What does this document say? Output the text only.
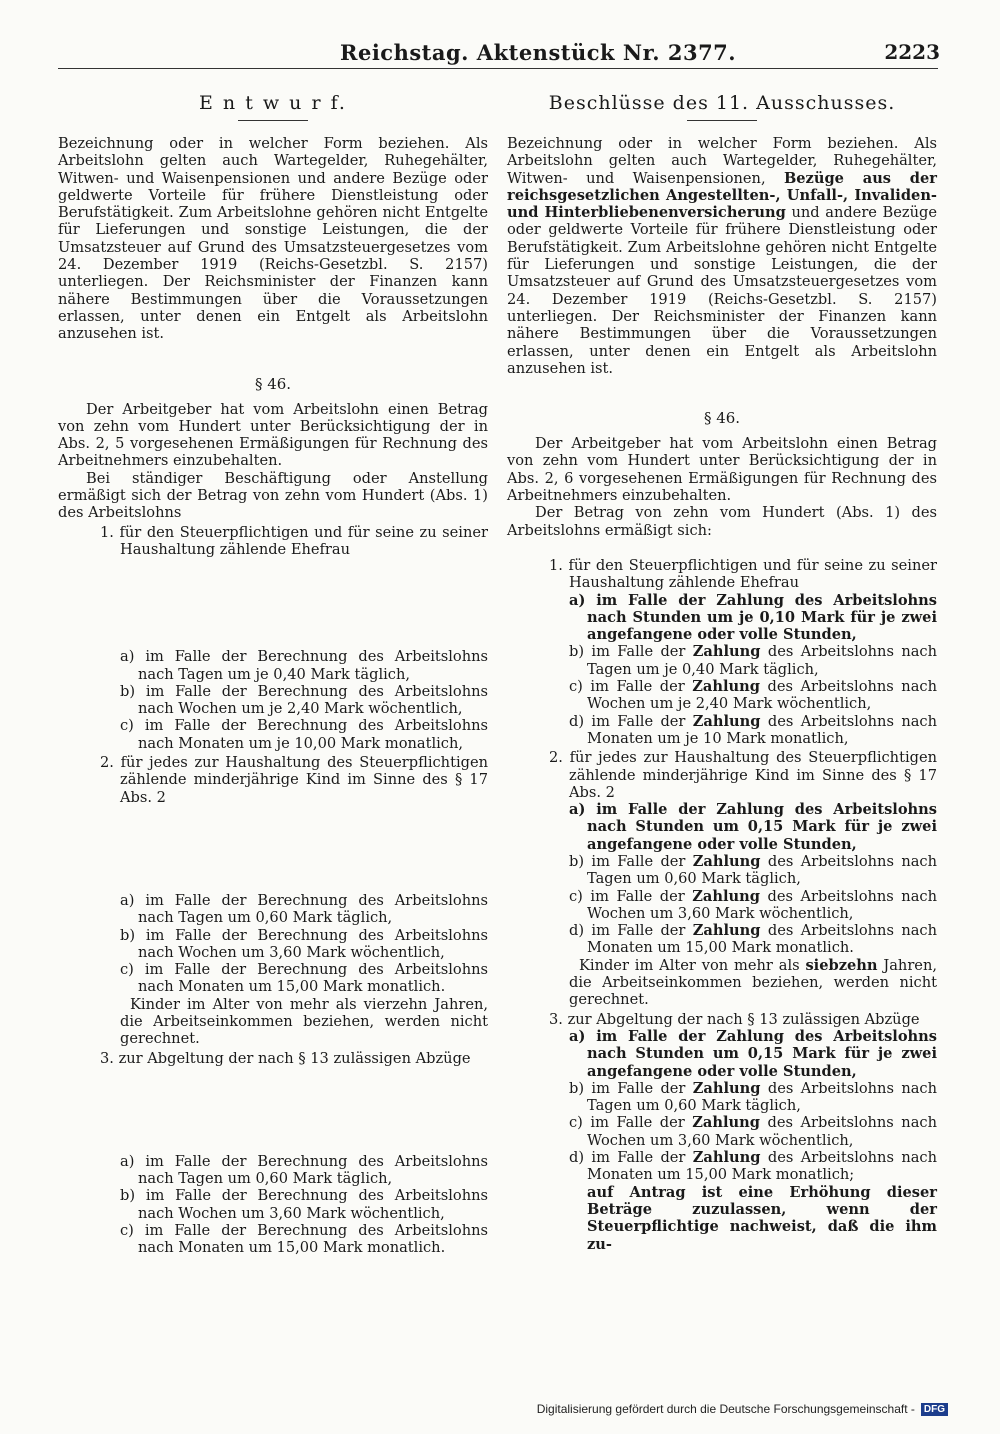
Reichstag. Aktenstück Nr. 2377.	2223
E n t w u r f.

Bezeichnung oder in welcher Form beziehen. Als Arbeitslohn gelten auch Wartegelder, Ruhegehälter, Witwen- und Waisenpensionen und andere Bezüge oder geldwerte Vorteile für frühere Dienstleistung oder Berufstätigkeit. Zum Arbeitslohne gehören nicht Entgelte für Lieferungen und sonstige Leistungen, die der Umsatzsteuer auf Grund des Umsatzsteuergesetzes vom 24. Dezember 1919 (Reichs-Gesetzbl. S. 2157) unterliegen. Der Reichsminister der Finanzen kann nähere Bestimmungen über die Voraussetzungen erlassen, unter denen ein Entgelt als Arbeitslohn anzusehen ist.

§ 46.

Der Arbeitgeber hat vom Arbeitslohn einen Betrag von zehn vom Hundert unter Berücksichtigung der in Abs. 2, 5 vorgesehenen Ermäßigungen für Rechnung des Arbeitnehmers einzubehalten.

Bei ständiger Beschäftigung oder Anstellung ermäßigt sich der Betrag von zehn vom Hundert (Abs. 1) des Arbeitslohns

1. für den Steuerpflichtigen und für seine zu seiner Haushaltung zählende Ehefrau

a) im Falle der Berechnung des Arbeitslohns nach Tagen um je 0,40 Mark täglich,

b) im Falle der Berechnung des Arbeitslohns nach Wochen um je 2,40 Mark wöchentlich,

c) im Falle der Berechnung des Arbeitslohns nach Monaten um je 10,00 Mark monatlich,

2. für jedes zur Haushaltung des Steuerpflichtigen zählende minderjährige Kind im Sinne des § 17 Abs. 2

a) im Falle der Berechnung des Arbeitslohns nach Tagen um 0,60 Mark täglich,

b) im Falle der Berechnung des Arbeitslohns nach Wochen um 3,60 Mark wöchentlich,

c) im Falle der Berechnung des Arbeitslohns nach Monaten um 15,00 Mark monatlich.

Kinder im Alter von mehr als vierzehn Jahren, die Arbeitseinkommen beziehen, werden nicht gerechnet.

3. zur Abgeltung der nach § 13 zulässigen Abzüge

a) im Falle der Berechnung des Arbeitslohns nach Tagen um 0,60 Mark täglich,

b) im Falle der Berechnung des Arbeitslohns nach Wochen um 3,60 Mark wöchentlich,

c) im Falle der Berechnung des Arbeitslohns nach Monaten um 15,00 Mark monatlich.

Beschlüsse des 11. Ausschusses.

Bezeichnung oder in welcher Form beziehen. Als Arbeitslohn gelten auch Wartegelder, Ruhegehälter, Witwen- und Waisenpensionen, Bezüge aus der reichsgesetzlichen Angestellten-, Unfall-, Invaliden- und Hinterbliebenenversicherung und andere Bezüge oder geldwerte Vorteile für frühere Dienstleistung oder Berufstätigkeit. Zum Arbeitslohne gehören nicht Entgelte für Lieferungen und sonstige Leistungen, die der Umsatzsteuer auf Grund des Umsatzsteuergesetzes vom 24. Dezember 1919 (Reichs-Gesetzbl. S. 2157) unterliegen. Der Reichsminister der Finanzen kann nähere Bestimmungen über die Voraussetzungen erlassen, unter denen ein Entgelt als Arbeitslohn anzusehen ist.

§ 46.

Der Arbeitgeber hat vom Arbeitslohn einen Betrag von zehn vom Hundert unter Berücksichtigung der in Abs. 2, 6 vorgesehenen Ermäßigungen für Rechnung des Arbeitnehmers einzubehalten.

Der Betrag von zehn vom Hundert (Abs. 1) des Arbeitslohns ermäßigt sich:

1. für den Steuerpflichtigen und für seine zu seiner Haushaltung zählende Ehefrau

a) im Falle der Zahlung des Arbeitslohns nach Stunden um je 0,10 Mark für je zwei angefangene oder volle Stunden,

b) im Falle der Zahlung des Arbeitslohns nach Tagen um je 0,40 Mark täglich,

c) im Falle der Zahlung des Arbeitslohns nach Wochen um je 2,40 Mark wöchentlich,

d) im Falle der Zahlung des Arbeitslohns nach Monaten um je 10 Mark monatlich,

2. für jedes zur Haushaltung des Steuerpflichtigen zählende minderjährige Kind im Sinne des § 17 Abs. 2

a) im Falle der Zahlung des Arbeitslohns nach Stunden um 0,15 Mark für je zwei angefangene oder volle Stunden,

b) im Falle der Zahlung des Arbeitslohns nach Tagen um 0,60 Mark täglich,

c) im Falle der Zahlung des Arbeitslohns nach Wochen um 3,60 Mark wöchentlich,

d) im Falle der Zahlung des Arbeitslohns nach Monaten um 15,00 Mark monatlich.

Kinder im Alter von mehr als siebzehn Jahren, die Arbeitseinkommen beziehen, werden nicht gerechnet.

3. zur Abgeltung der nach § 13 zulässigen Abzüge

a) im Falle der Zahlung des Arbeitslohns nach Stunden um 0,15 Mark für je zwei angefangene oder volle Stunden,

b) im Falle der Zahlung des Arbeitslohns nach Tagen um 0,60 Mark täglich,

c) im Falle der Zahlung des Arbeitslohns nach Wochen um 3,60 Mark wöchentlich,

d) im Falle der Zahlung des Arbeitslohns nach Monaten um 15,00 Mark monatlich;

auf Antrag ist eine Erhöhung dieser Beträge zuzulassen, wenn der Steuerpflichtige nachweist, daß die ihm zu-

Digitalisierung gefördert durch die Deutsche Forschungsgemeinschaft - DFG
